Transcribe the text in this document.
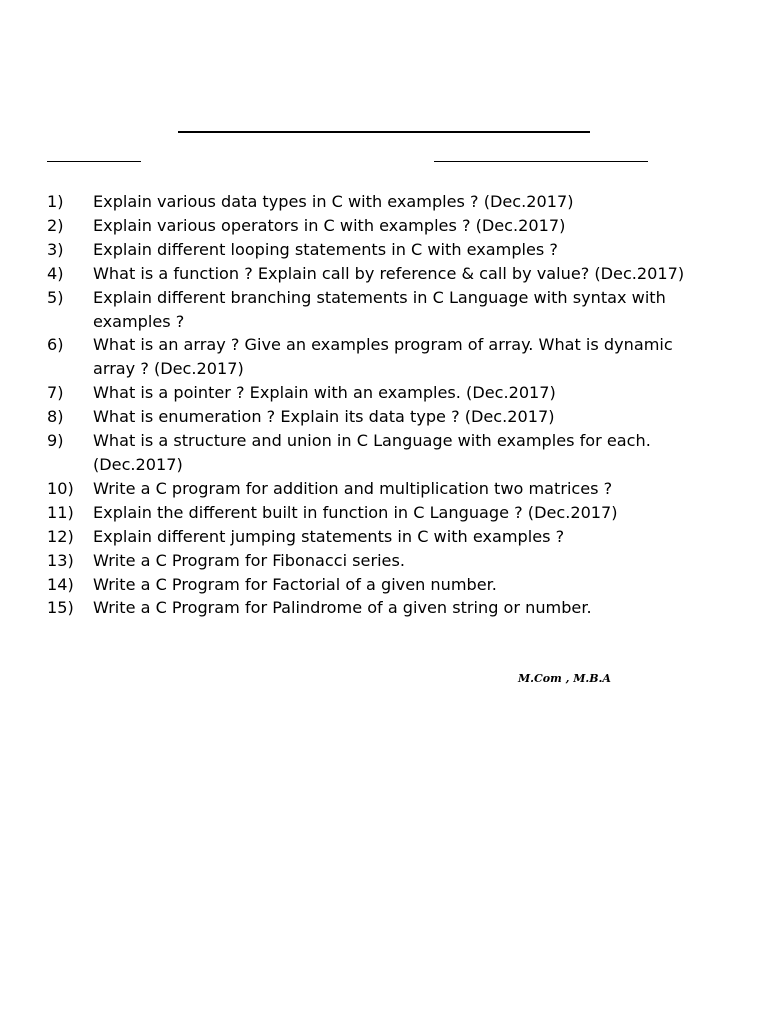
1) Explain various data types in C with examples ? (Dec.2017)
2) Explain various operators in C with examples ? (Dec.2017)
3) Explain different looping statements in C with examples ?
4) What is a function ? Explain call by reference & call by value? (Dec.2017)
5) Explain different branching statements in C Language with syntax with examples ?
6) What is an array ? Give an examples program of array. What is dynamic array ? (Dec.2017)
7) What is a pointer ? Explain with an examples. (Dec.2017)
8) What is enumeration ? Explain its data type ? (Dec.2017)
9) What is a structure and union in C Language with examples for each. (Dec.2017)
10) Write a C program for addition and multiplication two matrices ?
11) Explain the different built in function in C Language ? (Dec.2017)
12) Explain different jumping statements in C with examples ?
13) Write a C Program for Fibonacci series.
14) Write a C Program for Factorial of a given number.
15) Write a C Program for Palindrome of a given string or number.
M.Com , M.B.A
